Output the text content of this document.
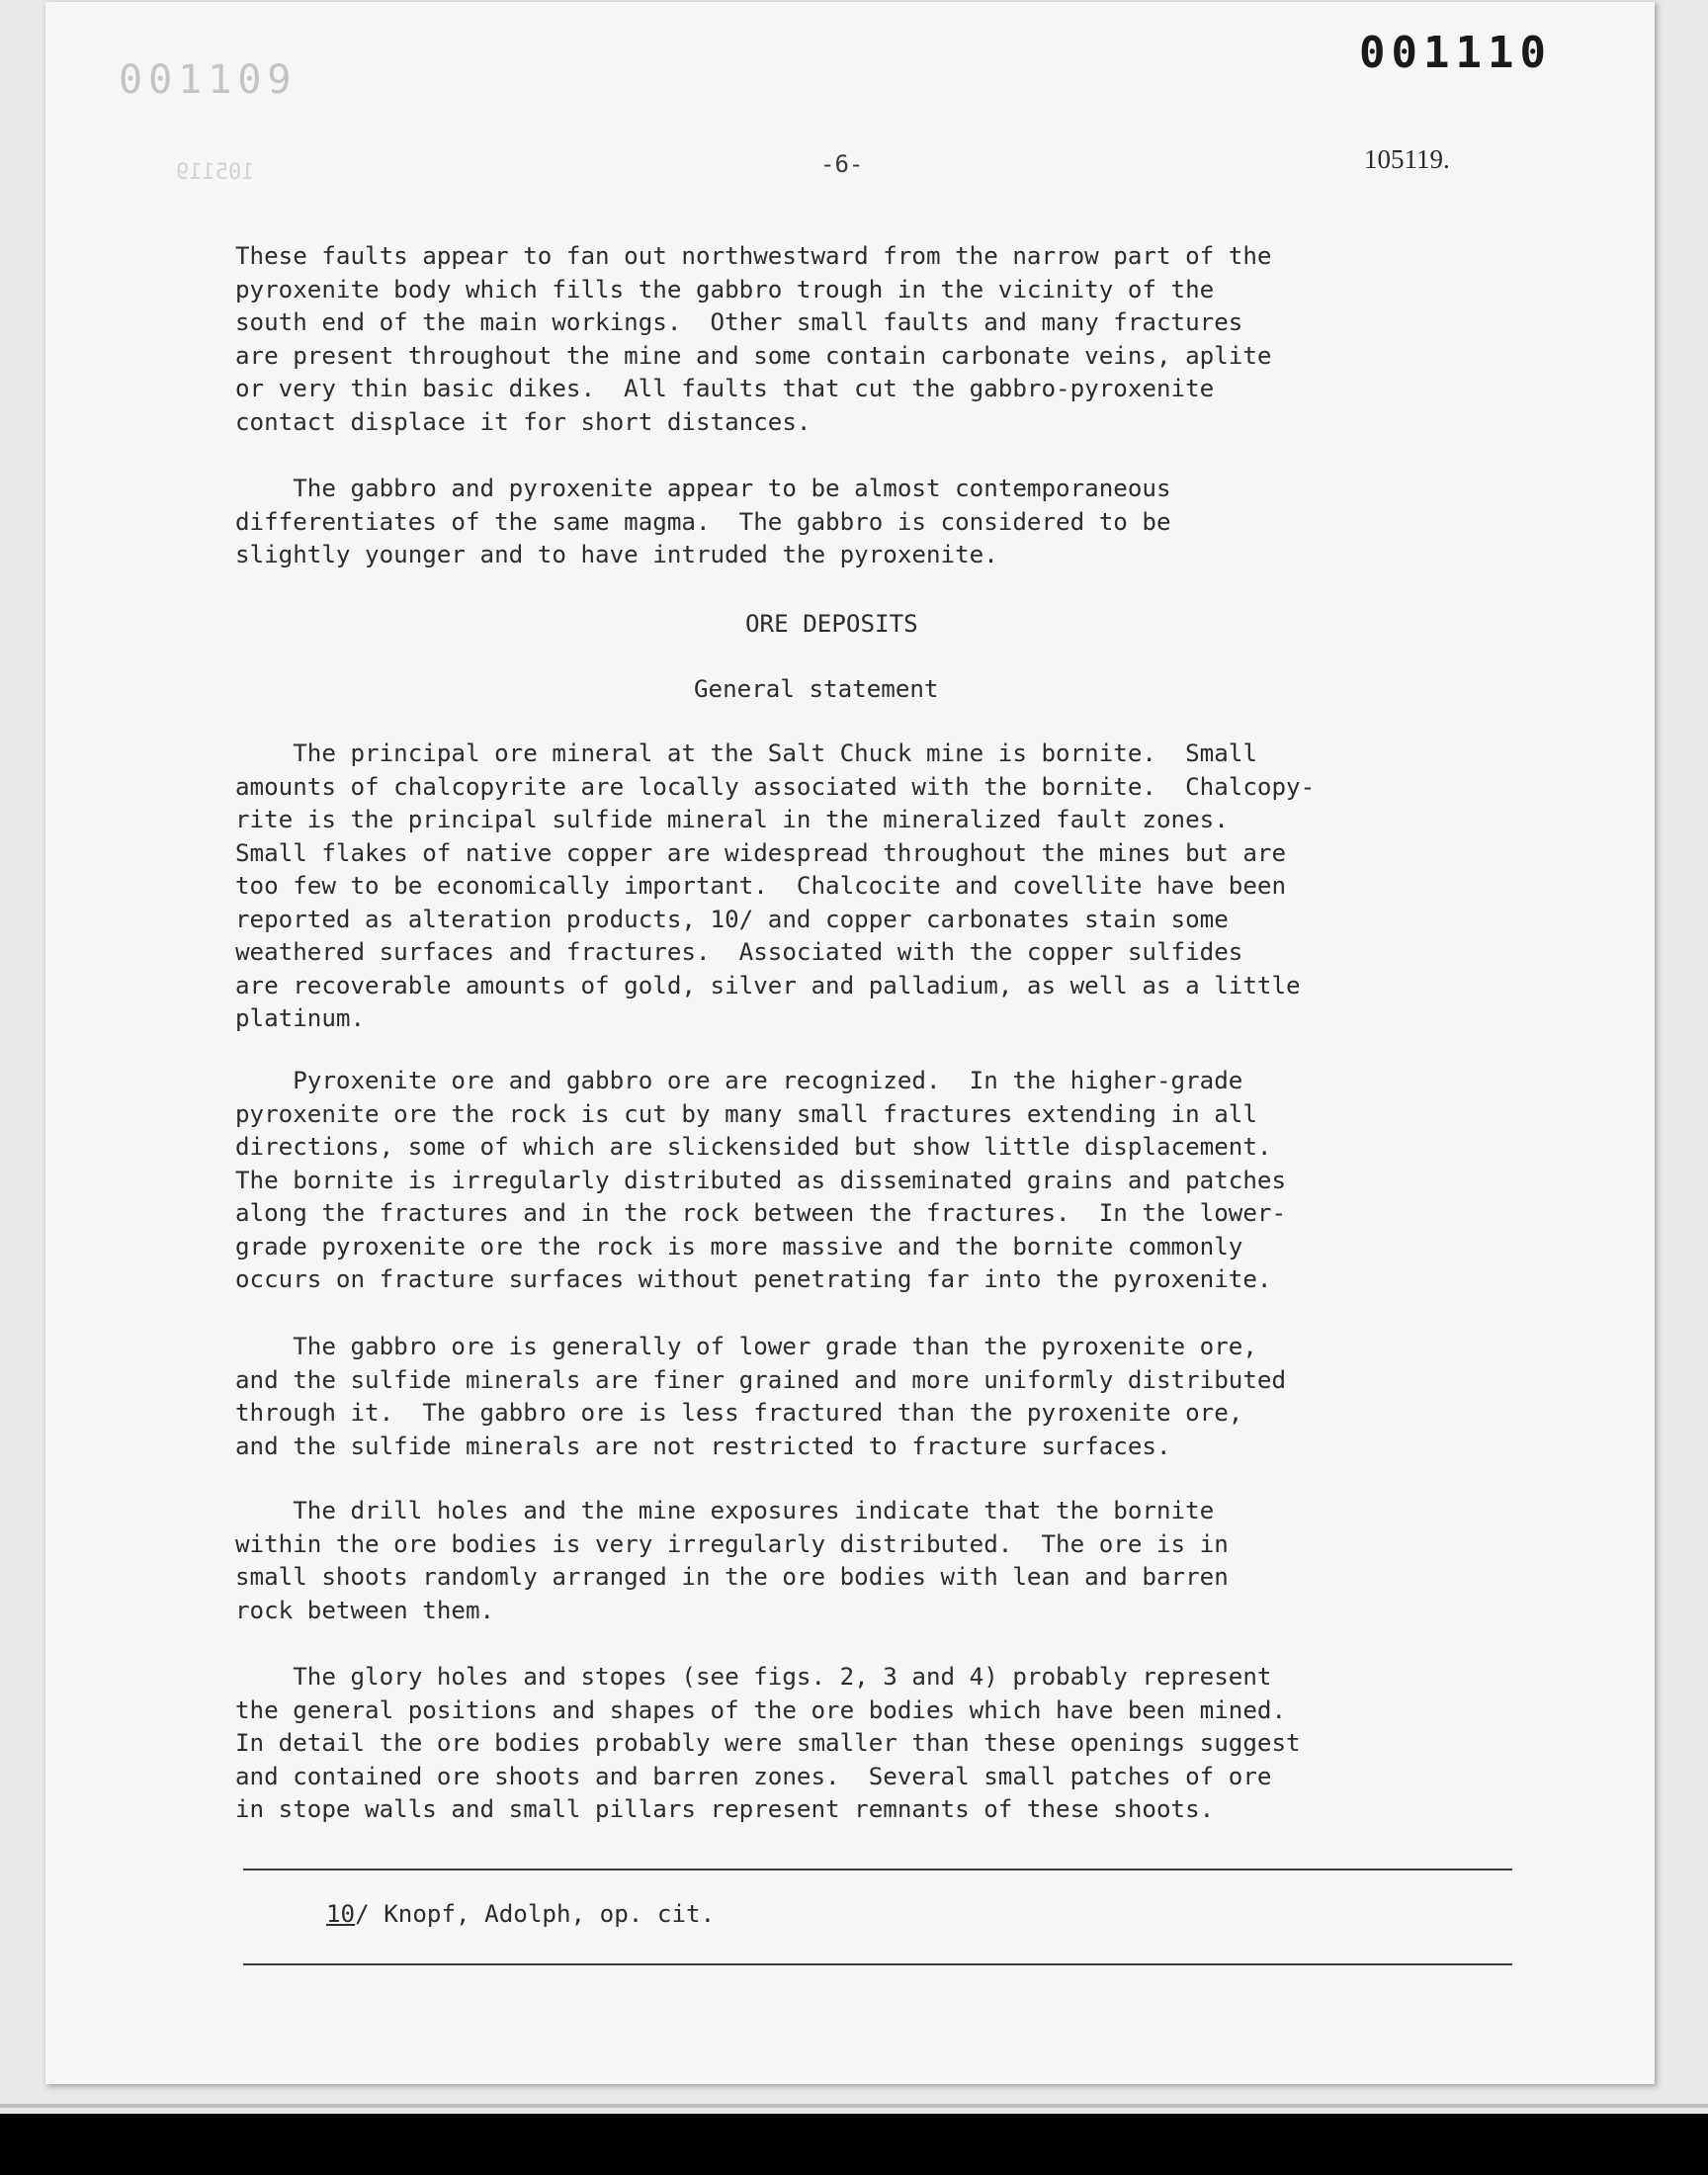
001109
105119
001110
-6-	105119.
These faults appear to fan out northwestward from the narrow part of the
pyroxenite body which fills the gabbro trough in the vicinity of the
south end of the main workings.  Other small faults and many fractures
are present throughout the mine and some contain carbonate veins, aplite
or very thin basic dikes.  All faults that cut the gabbro-pyroxenite
contact displace it for short distances.
The gabbro and pyroxenite appear to be almost contemporaneous
differentiates of the same magma.  The gabbro is considered to be
slightly younger and to have intruded the pyroxenite.
ORE DEPOSITS
General statement
The principal ore mineral at the Salt Chuck mine is bornite.  Small
amounts of chalcopyrite are locally associated with the bornite.  Chalcopy-
rite is the principal sulfide mineral in the mineralized fault zones.
Small flakes of native copper are widespread throughout the mines but are
too few to be economically important.  Chalcocite and covellite have been
reported as alteration products, 10/ and copper carbonates stain some
weathered surfaces and fractures.  Associated with the copper sulfides
are recoverable amounts of gold, silver and palladium, as well as a little
platinum.
Pyroxenite ore and gabbro ore are recognized.  In the higher-grade
pyroxenite ore the rock is cut by many small fractures extending in all
directions, some of which are slickensided but show little displacement.
The bornite is irregularly distributed as disseminated grains and patches
along the fractures and in the rock between the fractures.  In the lower-
grade pyroxenite ore the rock is more massive and the bornite commonly
occurs on fracture surfaces without penetrating far into the pyroxenite.
The gabbro ore is generally of lower grade than the pyroxenite ore,
and the sulfide minerals are finer grained and more uniformly distributed
through it.  The gabbro ore is less fractured than the pyroxenite ore,
and the sulfide minerals are not restricted to fracture surfaces.
The drill holes and the mine exposures indicate that the bornite
within the ore bodies is very irregularly distributed.  The ore is in
small shoots randomly arranged in the ore bodies with lean and barren
rock between them.
The glory holes and stopes (see figs. 2, 3 and 4) probably represent
the general positions and shapes of the ore bodies which have been mined.
In detail the ore bodies probably were smaller than these openings suggest
and contained ore shoots and barren zones.  Several small patches of ore
in stope walls and small pillars represent remnants of these shoots.
10/ Knopf, Adolph, op. cit.
